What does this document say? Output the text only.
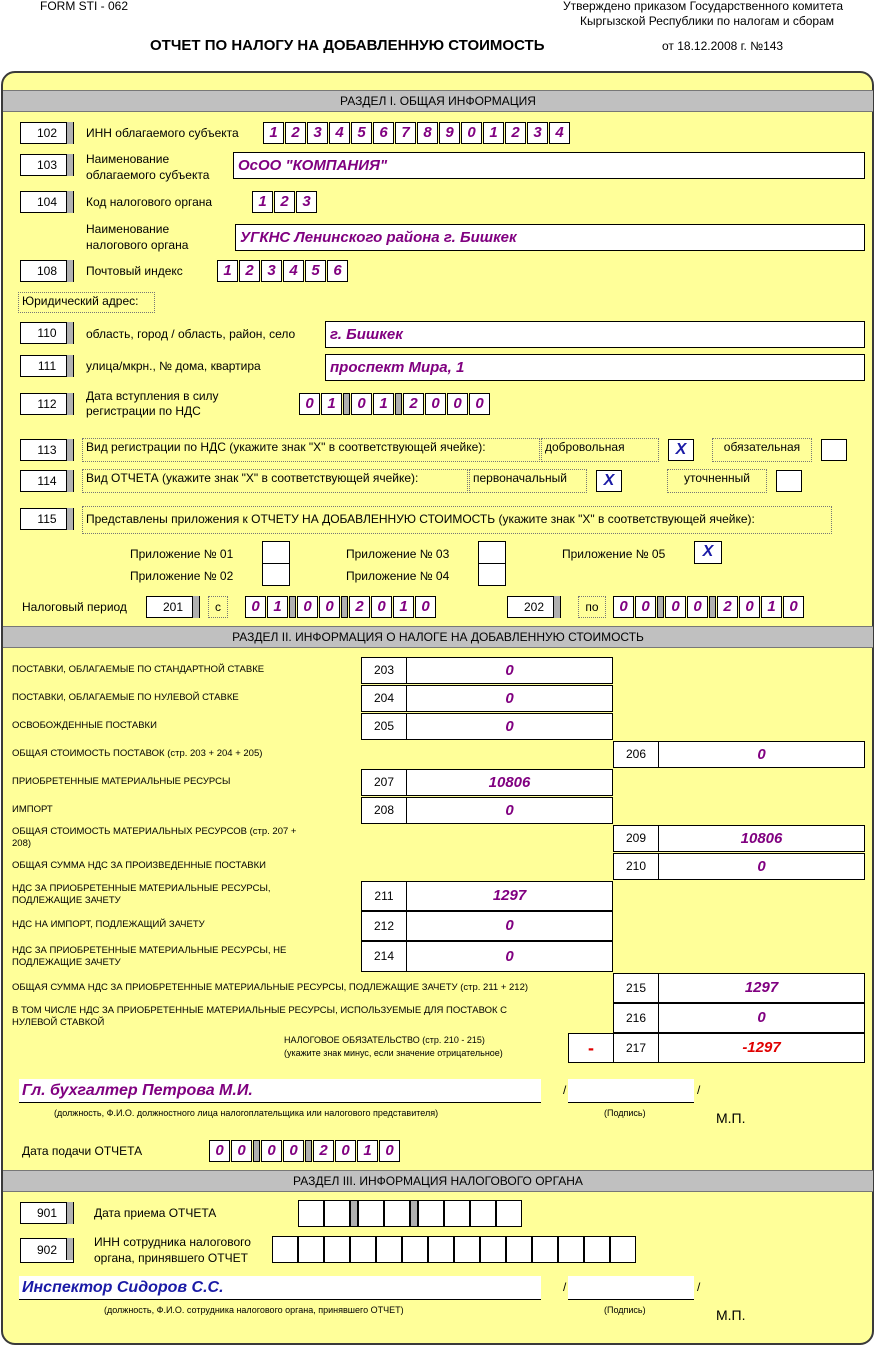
FORM STI - 062	Утверждено приказом Государственного комитета
Кыргызской Республики по налогам и сборам
ОТЧЕТ ПО НАЛОГУ НА ДОБАВЛЕННУЮ СТОИМОСТЬ	от 18.12.2008 г. №143
РАЗДЕЛ I. ОБЩАЯ ИНФОРМАЦИЯ
102	ИНН облагаемого субъекта	1 2 3 4 5 6 7 8 9 0 1 2 3 4
103	Наименование
облагаемого субъекта
ОсОО "КОМПАНИЯ"
104	Код налогового органа	1 2 3
Наименование
налогового органа	УГКНС Ленинского района г. Бишкек
108	Почтовый индекс	1 2 3 4 5 6
Юридический адрес:
110	область, город / область, район, село	г. Бишкек
111	улица/мкрн., № дома, квартира	проспект Мира, 1
112
Дата вступления в силу
регистрации по НДС	0 1	0 1	2 0 0 0
113	Вид регистрации по НДС (укажите знак "X" в соответствующей ячейке):	добровольная	X	обязательная
114	Вид ОТЧЕТА (укажите знак "X" в соответствующей ячейке):	первоначальный	X	уточненный
115	Представлены приложения к ОТЧЕТУ НА ДОБАВЛЕННУЮ СТОИМОСТЬ (укажите знак "X" в соответствующей ячейке):
Приложение № 01
Приложение № 02
Приложение № 03
Приложение № 04
Приложение № 05	X
Налоговый период	201	с	0 1	0 0	2 0 1 0	202	по	0 0	0 0	2 0 1 0
РАЗДЕЛ II. ИНФОРМАЦИЯ О НАЛОГЕ НА ДОБАВЛЕННУЮ СТОИМОСТЬ
ПОСТАВКИ, ОБЛАГАЕМЫЕ ПО СТАНДАРТНОЙ СТАВКЕ	203	0
ПОСТАВКИ, ОБЛАГАЕМЫЕ ПО НУЛЕВОЙ СТАВКЕ	204	0
ОСВОБОЖДЕННЫЕ ПОСТАВКИ	205	0
ОБЩАЯ СТОИМОСТЬ ПОСТАВОК (стр. 203 + 204 + 205)	206	0
ПРИОБРЕТЕННЫЕ МАТЕРИАЛЬНЫЕ РЕСУРСЫ	207	10806
ИМПОРТ	208	0
ОБЩАЯ СТОИМОСТЬ МАТЕРИАЛЬНЫХ РЕСУРСОВ (стр. 207 +
208)	209	10806
ОБЩАЯ СУММА НДС ЗА ПРОИЗВЕДЕННЫЕ ПОСТАВКИ	210	0
НДС ЗА ПРИОБРЕТЕННЫЕ МАТЕРИАЛЬНЫЕ РЕСУРСЫ,
ПОДЛЕЖАЩИЕ ЗАЧЕТУ	211	1297
НДС НА ИМПОРТ, ПОДЛЕЖАЩИЙ ЗАЧЕТУ	212	0
НДС ЗА ПРИОБРЕТЕННЫЕ МАТЕРИАЛЬНЫЕ РЕСУРСЫ, НЕ
ПОДЛЕЖАЩИЕ ЗАЧЕТУ	214	0
ОБЩАЯ СУММА НДС ЗА ПРИОБРЕТЕННЫЕ МАТЕРИАЛЬНЫЕ РЕСУРСЫ, ПОДЛЕЖАЩИЕ ЗАЧЕТУ (стр. 211 + 212)	215	1297
В ТОМ ЧИСЛЕ НДС ЗА ПРИОБРЕТЕННЫЕ МАТЕРИАЛЬНЫЕ РЕСУРСЫ, ИСПОЛЬЗУЕМЫЕ ДЛЯ ПОСТАВОК С
НУЛЕВОЙ СТАВКОЙ	216	0
НАЛОГОВОЕ ОБЯЗАТЕЛЬСТВО (стр. 210 - 215)
(укажите знак минус, если значение отрицательное)	-	217	-1297
Гл. бухгалтер Петрова М.И.	/	/
(должность, Ф.И.О. должностного лица налогоплательщика или налогового представителя)	(Подпись)	М.П.
Дата подачи ОТЧЕТА	0 0	0 0	2 0 1 0
РАЗДЕЛ III. ИНФОРМАЦИЯ НАЛОГОВОГО ОРГАНА
901	Дата приема ОТЧЕТА
902
ИНН сотрудника налогового
органа, принявшего ОТЧЕТ
Инспектор Сидоров С.С.	/	/
(должность, Ф.И.О. сотрудника налогового органа, принявшего ОТЧЕТ)	(Подпись)	М.П.
